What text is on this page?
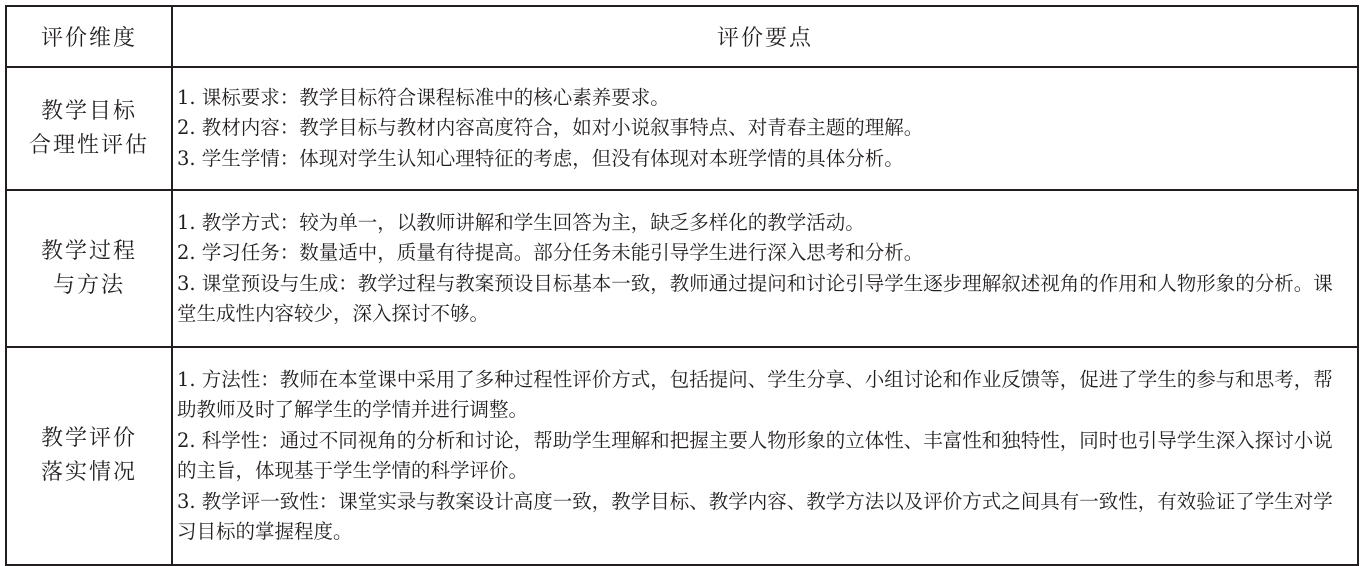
评价维度	评价要点

教学目标
合理性评估	1. 课标要求：教学目标符合课程标准中的核心素养要求。
2. 教材内容：教学目标与教材内容高度符合，如对小说叙事特点、对青春主题的理解。
3. 学生学情：体现对学生认知心理特征的考虑，但没有体现对本班学情的具体分析。

教学过程
与方法	1. 教学方式：较为单一，以教师讲解和学生回答为主，缺乏多样化的教学活动。
2. 学习任务：数量适中，质量有待提高。部分任务未能引导学生进行深入思考和分析。
3. 课堂预设与生成：教学过程与教案预设目标基本一致，教师通过提问和讨论引导学生逐步理解叙述视角的作用和人物形象的分析。课堂生成性内容较少，深入探讨不够。

教学评价
落实情况	1. 方法性：教师在本堂课中采用了多种过程性评价方式，包括提问、学生分享、小组讨论和作业反馈等，促进了学生的参与和思考，帮助教师及时了解学生的学情并进行调整。
2. 科学性：通过不同视角的分析和讨论，帮助学生理解和把握主要人物形象的立体性、丰富性和独特性，同时也引导学生深入探讨小说的主旨，体现基于学生学情的科学评价。
3. 教学评一致性：课堂实录与教案设计高度一致，教学目标、教学内容、教学方法以及评价方式之间具有一致性，有效验证了学生对学习目标的掌握程度。
